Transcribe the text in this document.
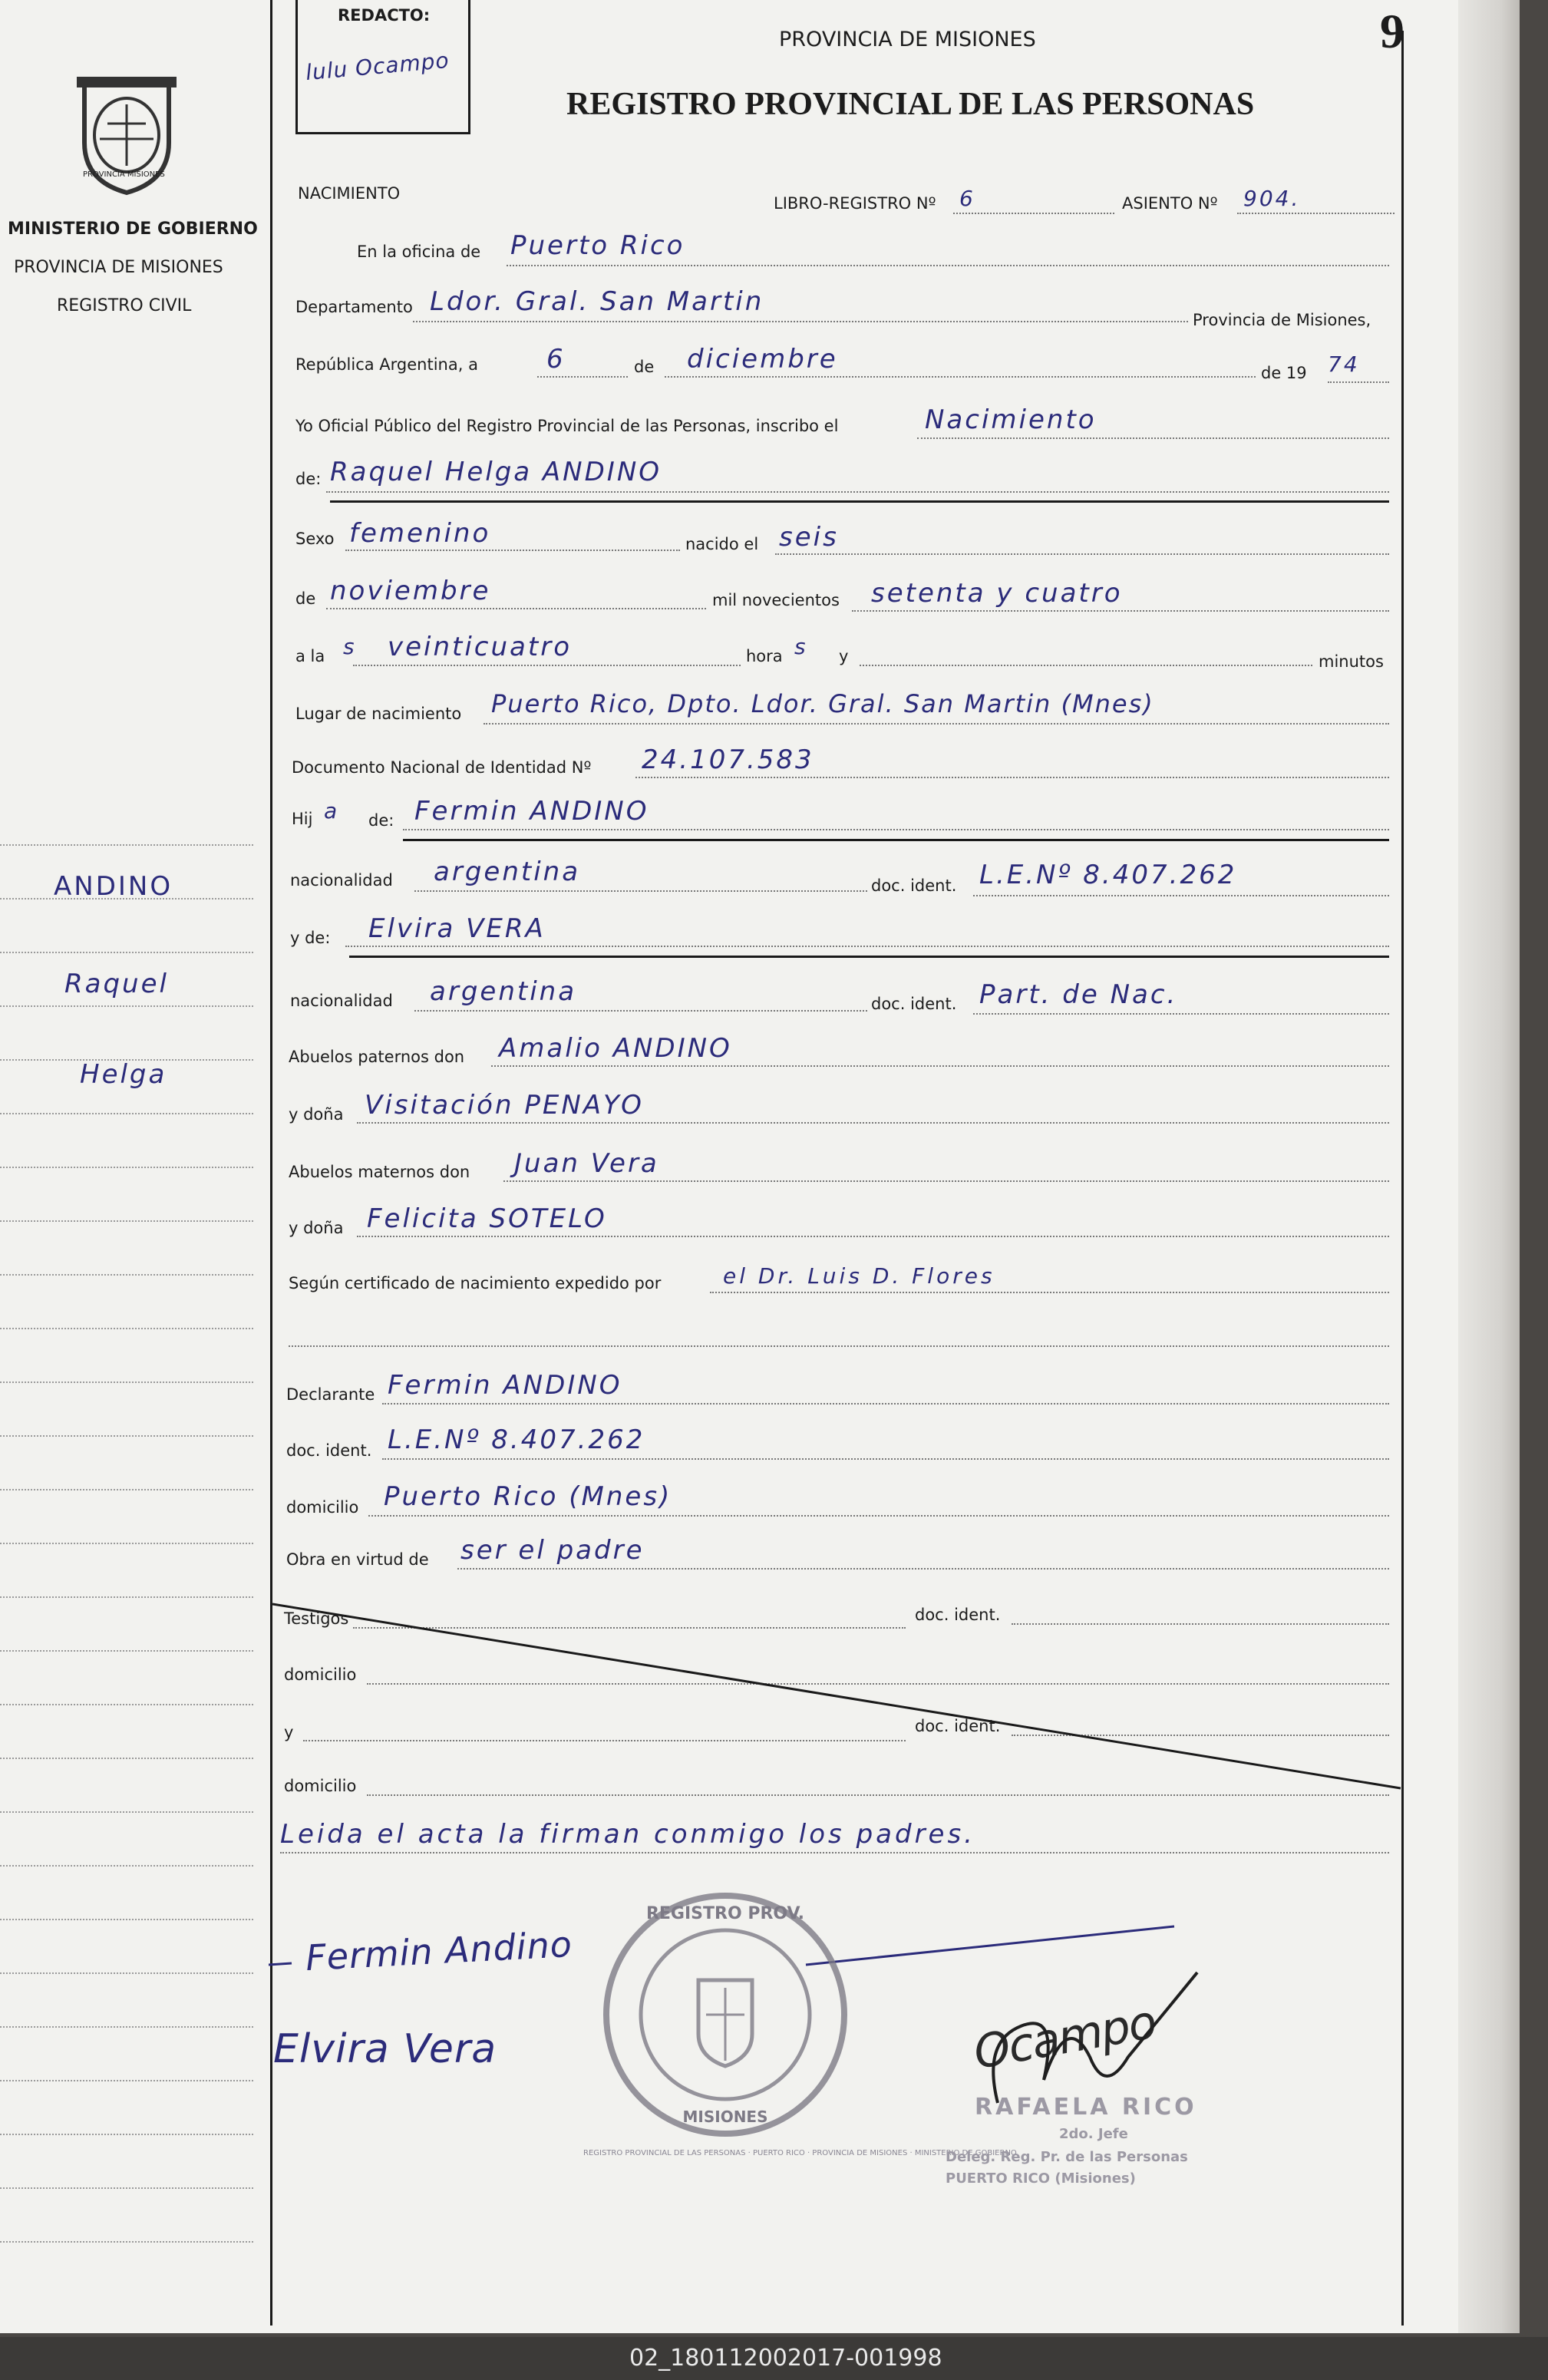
REDACTO:
lulu Ocampo
PROVINCIA DE MISIONES
REGISTRO PROVINCIAL DE LAS PERSONAS
9
PROVINCIA MISIONES
MINISTERIO DE GOBIERNO
PROVINCIA DE MISIONES
REGISTRO CIVIL
ANDINO
Raquel
Helga
NACIMIENTO
LIBRO-REGISTRO Nº 6	ASIENTO Nº 904.
En la oficina de Puerto Rico
Departamento Ldor. Gral. San Martin
Provincia de Misiones,
República Argentina, a	6	de diciembre	de 19 74
Yo Oficial Público del Registro Provincial de las Personas, inscribo el	Nacimiento
de: Raquel Helga ANDINO
Sexo femenino	nacido el seis
de noviembre	mil novecientos setenta y cuatro
a la s veinticuatro	hora s y	minutos
Lugar de nacimiento Puerto Rico, Dpto. Ldor. Gral. San Martin (Mnes)
Documento Nacional de Identidad Nº 24.107.583
Hij a de: Fermin ANDINO
nacionalidad argentina	doc. ident. L.E.Nº 8.407.262
y de: Elvira VERA
nacionalidad argentina	doc. ident. Part. de Nac.
Abuelos paternos don Amalio ANDINO
y doña Visitación PENAYO
Abuelos maternos don Juan Vera
y doña Felicita SOTELO
Según certificado de nacimiento expedido por	el Dr. Luis D. Flores
Declarante Fermin ANDINO
doc. ident. L.E.Nº 8.407.262
domicilio Puerto Rico (Mnes)
Obra en virtud de ser el padre
Testigos	doc. ident.
domicilio
y	doc. ident.
domicilio
Leida el acta la firman conmigo los padres.
Fermin Andino
Elvira Vera
REGISTRO PROV.
MISIONES
REGISTRO PROVINCIAL DE LAS PERSONAS · PUERTO RICO · PROVINCIA DE MISIONES · MINISTERIO DE GOBIERNO
Ocampo
RAFAELA RICO
2do. Jefe
Deleg. Reg. Pr. de las Personas
PUERTO RICO (Misiones)
02_180112002017-001998
